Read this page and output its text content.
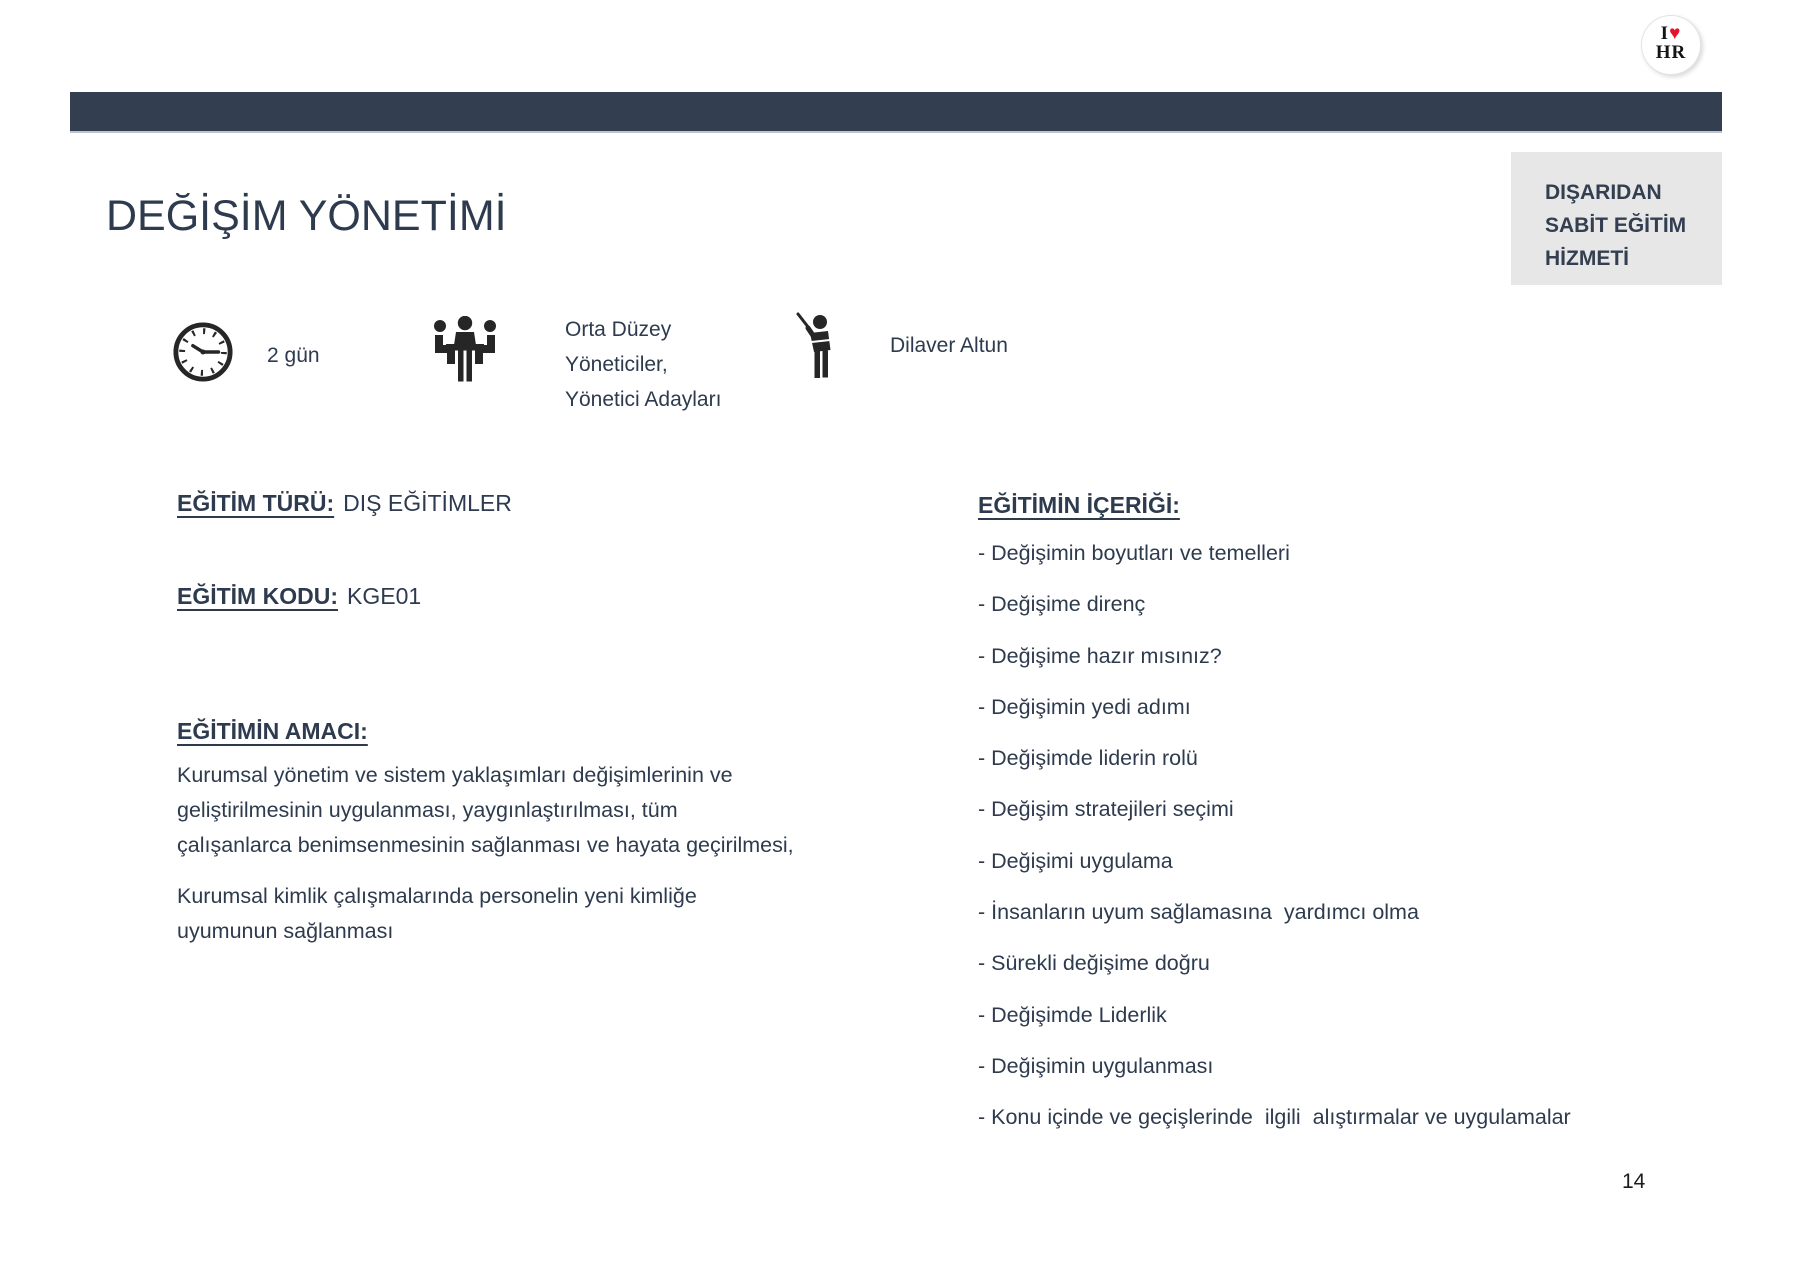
I♥
HR
DEĞİŞİM YÖNETİMİ	DIŞARIDAN
SABİT EĞİTİM
HİZMETİ
2 gün
Orta Düzey
Yöneticiler,
Yönetici Adayları
Dilaver Altun
EĞİTİM TÜRÜ: DIŞ EĞİTİMLER
EĞİTİM KODU: KGE01
EĞİTİMİN AMACI:

Kurumsal yönetim ve sistem yaklaşımları değişimlerinin ve geliştirilmesinin uygulanması, yaygınlaştırılması, tüm çalışanlarca benimsenmesinin sağlanması ve hayata geçirilmesi,

Kurumsal kimlik çalışmalarında personelin yeni kimliğe uyumunun sağlanması

EĞİTİMİN İÇERİĞİ:
- Değişimin boyutları ve temelleri
- Değişime direnç
- Değişime hazır mısınız?
- Değişimin yedi adımı
- Değişimde liderin rolü
- Değişim stratejileri seçimi
- Değişimi uygulama
- İnsanların uyum sağlamasına  yardımcı olma
- Sürekli değişime doğru
- Değişimde Liderlik
- Değişimin uygulanması
- Konu içinde ve geçişlerinde  ilgili  alıştırmalar ve uygulamalar
14
